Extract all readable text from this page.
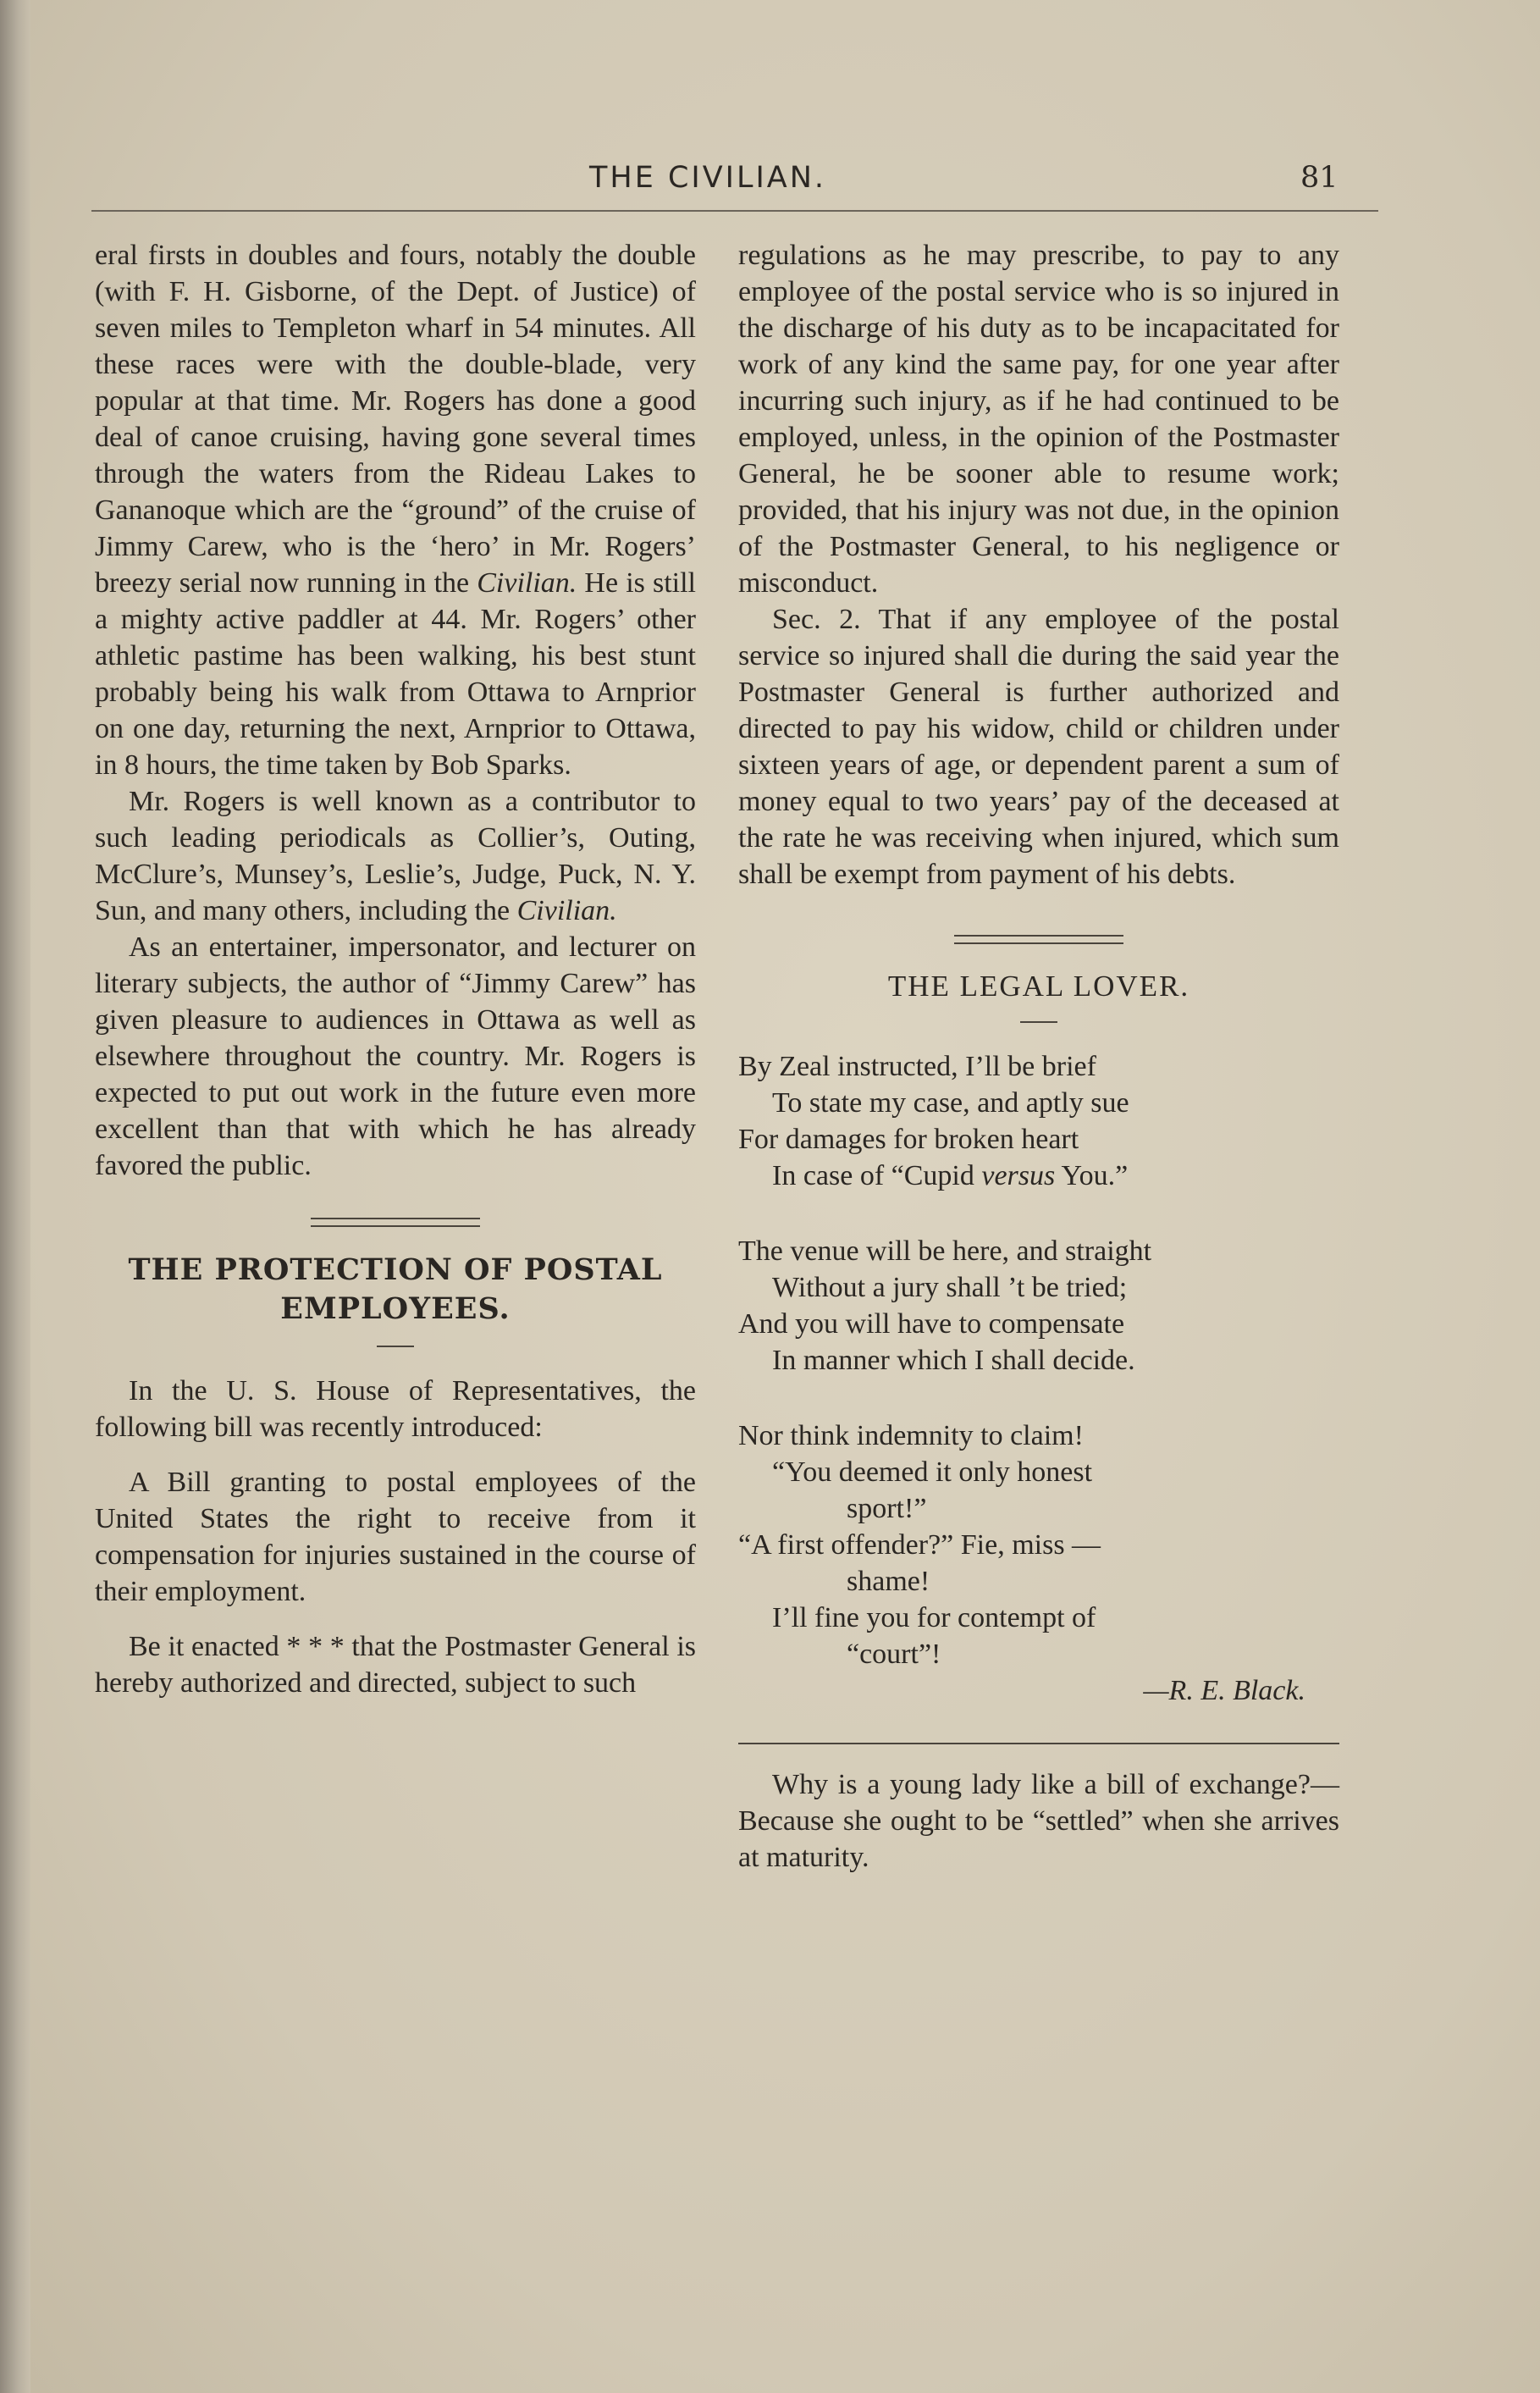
THE CIVILIAN.	81

eral firsts in doubles and fours, notably the double (with F. H. Gisborne, of the Dept. of Justice) of seven miles to Templeton wharf in 54 minutes. All these races were with the double-blade, very popular at that time. Mr. Rogers has done a good deal of canoe cruising, having gone several times through the waters from the Rideau Lakes to Gananoque which are the “ground” of the cruise of Jimmy Carew, who is the ‘hero’ in Mr. Rogers’ breezy serial now running in the Civilian. He is still a mighty active paddler at 44. Mr. Rogers’ other athletic pastime has been walking, his best stunt probably being his walk from Ottawa to Arnprior on one day, returning the next, Arnprior to Ottawa, in 8 hours, the time taken by Bob Sparks.

Mr. Rogers is well known as a contributor to such leading periodicals as Collier’s, Outing, McClure’s, Munsey’s, Leslie’s, Judge, Puck, N. Y. Sun, and many others, including the Civilian.

As an entertainer, impersonator, and lecturer on literary subjects, the author of “Jimmy Carew” has given pleasure to audiences in Ottawa as well as elsewhere throughout the country. Mr. Rogers is expected to put out work in the future even more excellent than that with which he has already favored the public.

THE PROTECTION OF POSTAL

EMPLOYEES.

In the U. S. House of Representatives, the following bill was recently introduced:

A Bill granting to postal employees of the United States the right to receive from it compensation for injuries sustained in the course of their employment.

Be it enacted * * * that the Postmaster General is hereby authorized and directed, subject to such

regulations as he may prescribe, to pay to any employee of the postal service who is so injured in the discharge of his duty as to be incapacitated for work of any kind the same pay, for one year after incurring such injury, as if he had continued to be employed, unless, in the opinion of the Postmaster General, he be sooner able to resume work; provided, that his injury was not due, in the opinion of the Postmaster General, to his negligence or misconduct.

Sec. 2. That if any employee of the postal service so injured shall die during the said year the Postmaster General is further authorized and directed to pay his widow, child or children under sixteen years of age, or dependent parent a sum of money equal to two years’ pay of the deceased at the rate he was receiving when injured, which sum shall be exempt from payment of his debts.

THE LEGAL LOVER.

By Zeal instructed, I’ll be brief
To state my case, and aptly sue
For damages for broken heart
In case of “Cupid versus You.”
The venue will be here, and straight
Without a jury shall ’t be tried;
And you will have to compensate
In manner which I shall decide.
Nor think indemnity to claim!
“You deemed it only honest
sport!”
“A first offender?” Fie, miss —
shame!
I’ll fine you for contempt of
“court”!

—R. E. Black.

Why is a young lady like a bill of exchange?—Because she ought to be “settled” when she arrives at maturity.
